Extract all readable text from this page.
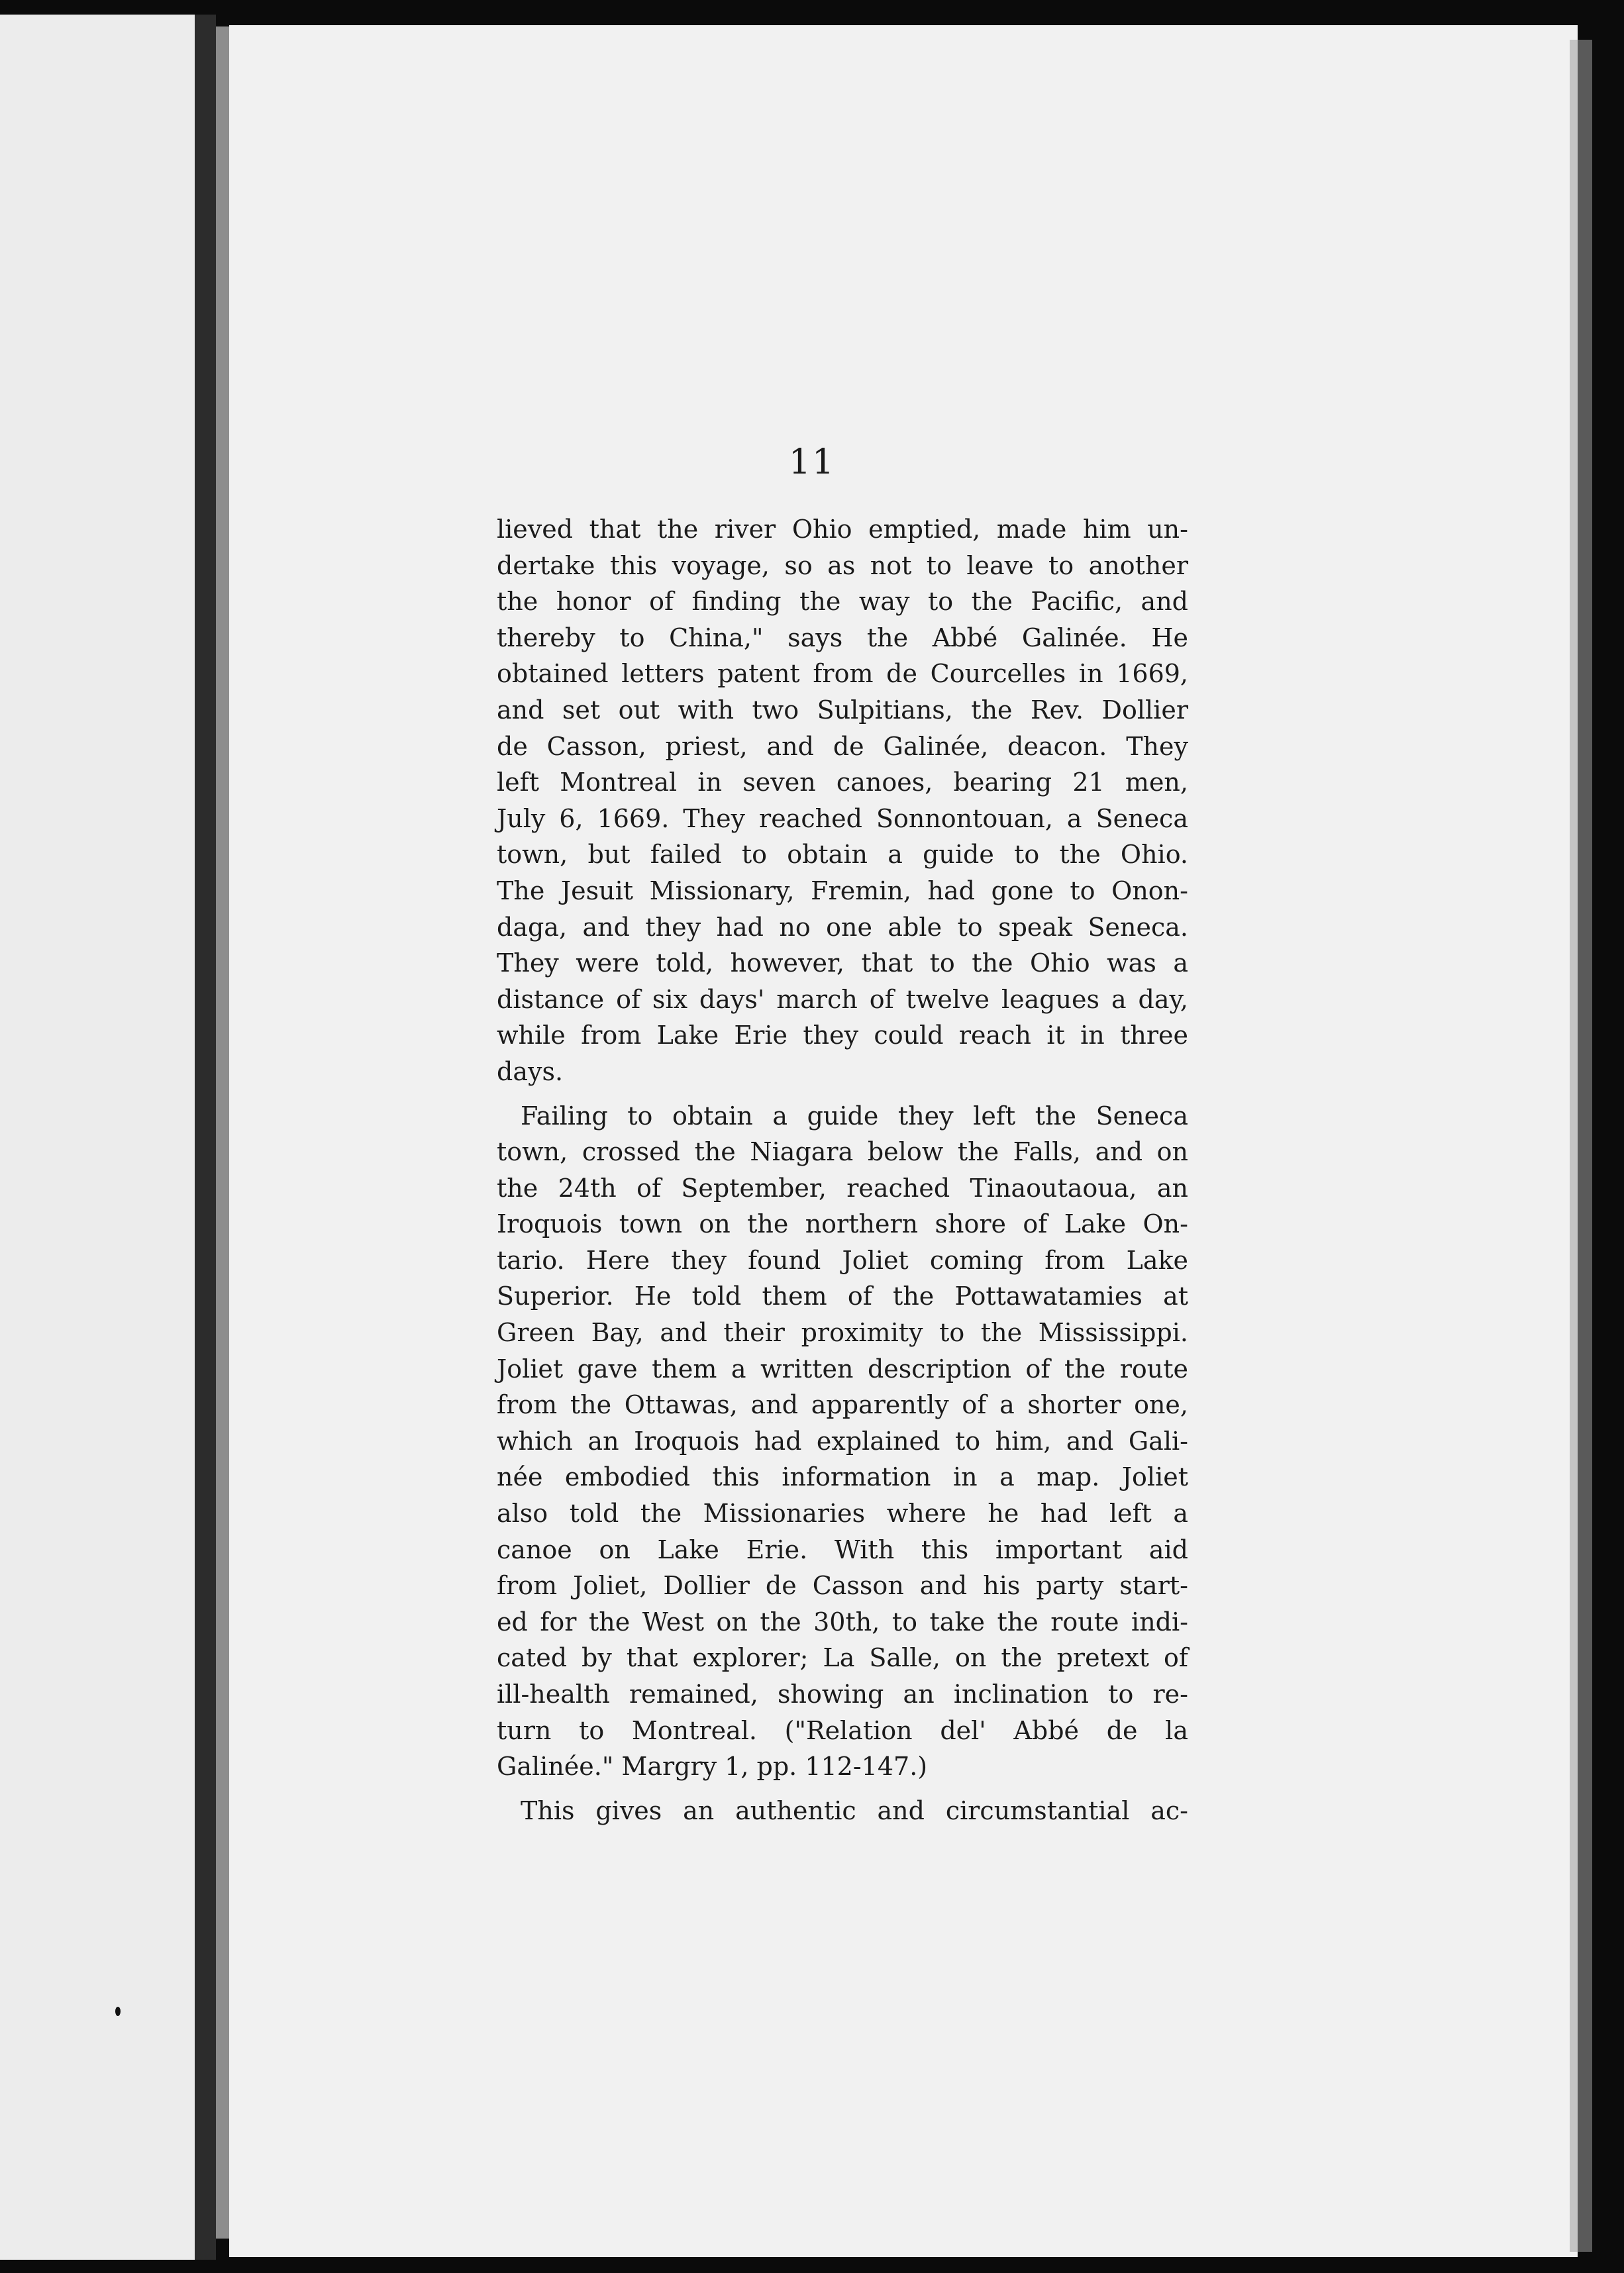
11
lieved that the river Ohio emptied, made him un-
dertake this voyage, so as not to leave to another
the honor of finding the way to the Pacific, and
thereby to China," says the Abbé Galinée. He
obtained letters patent from de Courcelles in 1669,
and set out with two Sulpitians, the Rev. Dollier
de Casson, priest, and de Galinée, deacon. They
left Montreal in seven canoes, bearing 21 men,
July 6, 1669. They reached Sonnontouan, a Seneca
town, but failed to obtain a guide to the Ohio.
The Jesuit Missionary, Fremin, had gone to Onon-
daga, and they had no one able to speak Seneca.
They were told, however, that to the Ohio was a
distance of six days' march of twelve leagues a day,
while from Lake Erie they could reach it in three
days.
Failing to obtain a guide they left the Seneca
town, crossed the Niagara below the Falls, and on
the 24th of September, reached Tinaoutaoua, an
Iroquois town on the northern shore of Lake On-
tario. Here they found Joliet coming from Lake
Superior. He told them of the Pottawatamies at
Green Bay, and their proximity to the Mississippi.
Joliet gave them a written description of the route
from the Ottawas, and apparently of a shorter one,
which an Iroquois had explained to him, and Gali-
née embodied this information in a map. Joliet
also told the Missionaries where he had left a
canoe on Lake Erie. With this important aid
from Joliet, Dollier de Casson and his party start-
ed for the West on the 30th, to take the route indi-
cated by that explorer; La Salle, on the pretext of
ill-health remained, showing an inclination to re-
turn to Montreal. ("Relation del' Abbé de la
Galinée." Margry 1, pp. 112-147.)
This gives an authentic and circumstantial ac-
